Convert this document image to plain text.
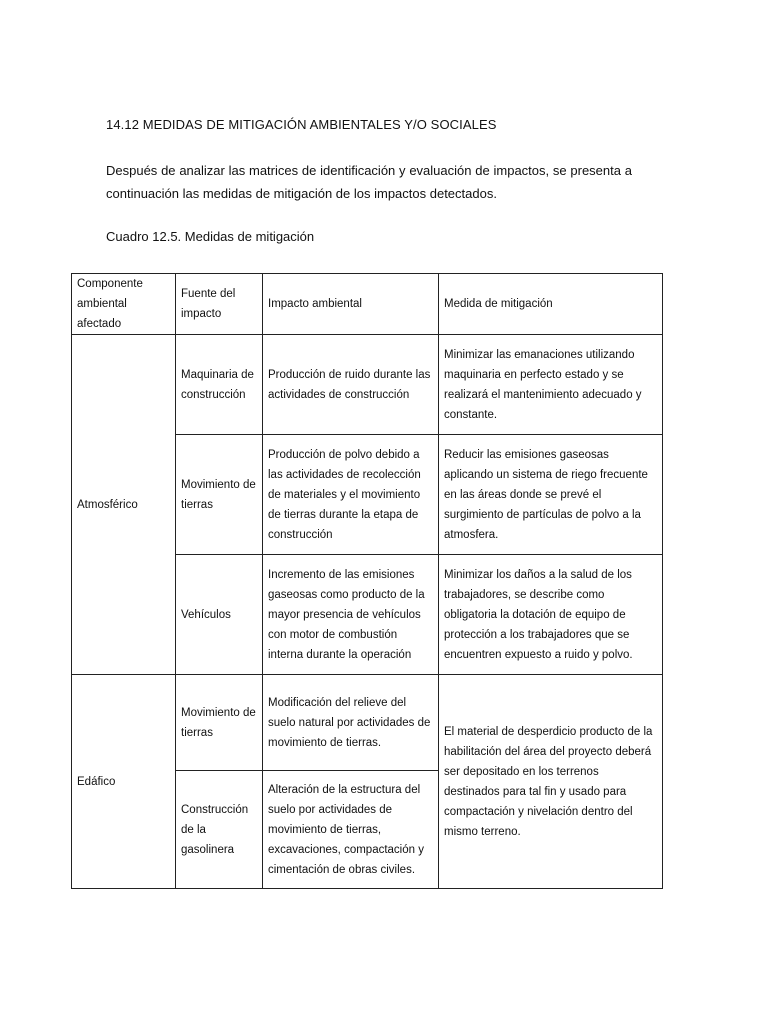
14.12 MEDIDAS DE MITIGACIÓN AMBIENTALES Y/O SOCIALES
Después de analizar las matrices de identificación y evaluación de impactos, se presenta a continuación las medidas de mitigación de los impactos detectados.
Cuadro 12.5. Medidas de mitigación
Componente ambiental afectado	Fuente del impacto	Impacto ambiental	Medida de mitigación
Atmosférico	Maquinaria de construcción	Producción de ruido durante las actividades de construcción	Minimizar las emanaciones utilizando maquinaria en perfecto estado y se realizará el mantenimiento adecuado y constante.
	Movimiento de tierras	Producción de polvo debido a las actividades de recolección de materiales y el movimiento de tierras durante la etapa de construcción	Reducir las emisiones gaseosas aplicando un sistema de riego frecuente en las áreas donde se prevé el surgimiento de partículas de polvo a la atmosfera.
	Vehículos	Incremento de las emisiones gaseosas como producto de la mayor presencia de vehículos con motor de combustión interna durante la operación	Minimizar los daños a la salud de los trabajadores, se describe como obligatoria la dotación de equipo de protección a los trabajadores que se encuentren expuesto a ruido y polvo.
Edáfico	Movimiento de tierras	Modificación del relieve del suelo natural por actividades de movimiento de tierras.	El material de desperdicio producto de la habilitación del área del proyecto deberá ser depositado en los terrenos destinados para tal fin y usado para compactación y nivelación dentro del mismo terreno.
	Construcción de la gasolinera	Alteración de la estructura del suelo por actividades de movimiento de tierras, excavaciones, compactación y cimentación de obras civiles.	
